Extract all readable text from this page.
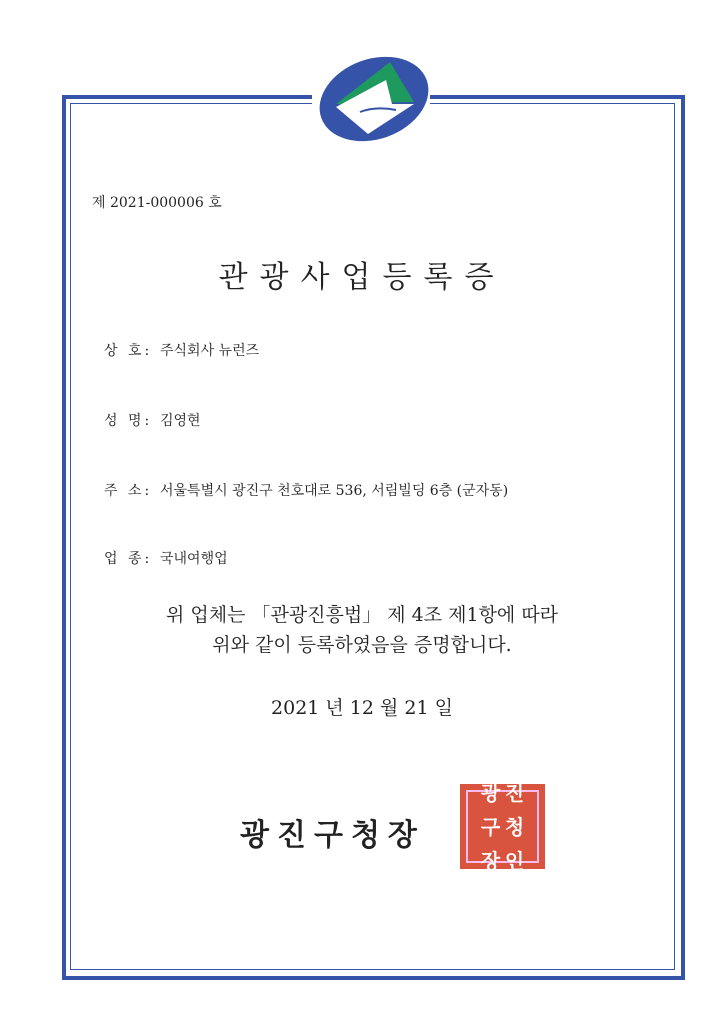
제 2021-000006 호
관광사업등록증
상 호: 주식회사 뉴런즈
성 명: 김영현
주 소: 서울특별시 광진구 천호대로 536, 서림빌딩 6층 (군자동)
업 종: 국내여행업
위 업체는 「관광진흥법」 제 4조 제1항에 따라
위와 같이 등록하였음을 증명합니다.
2021 년 12 월 21 일
광진구청장
광 진
구 청
장 인
